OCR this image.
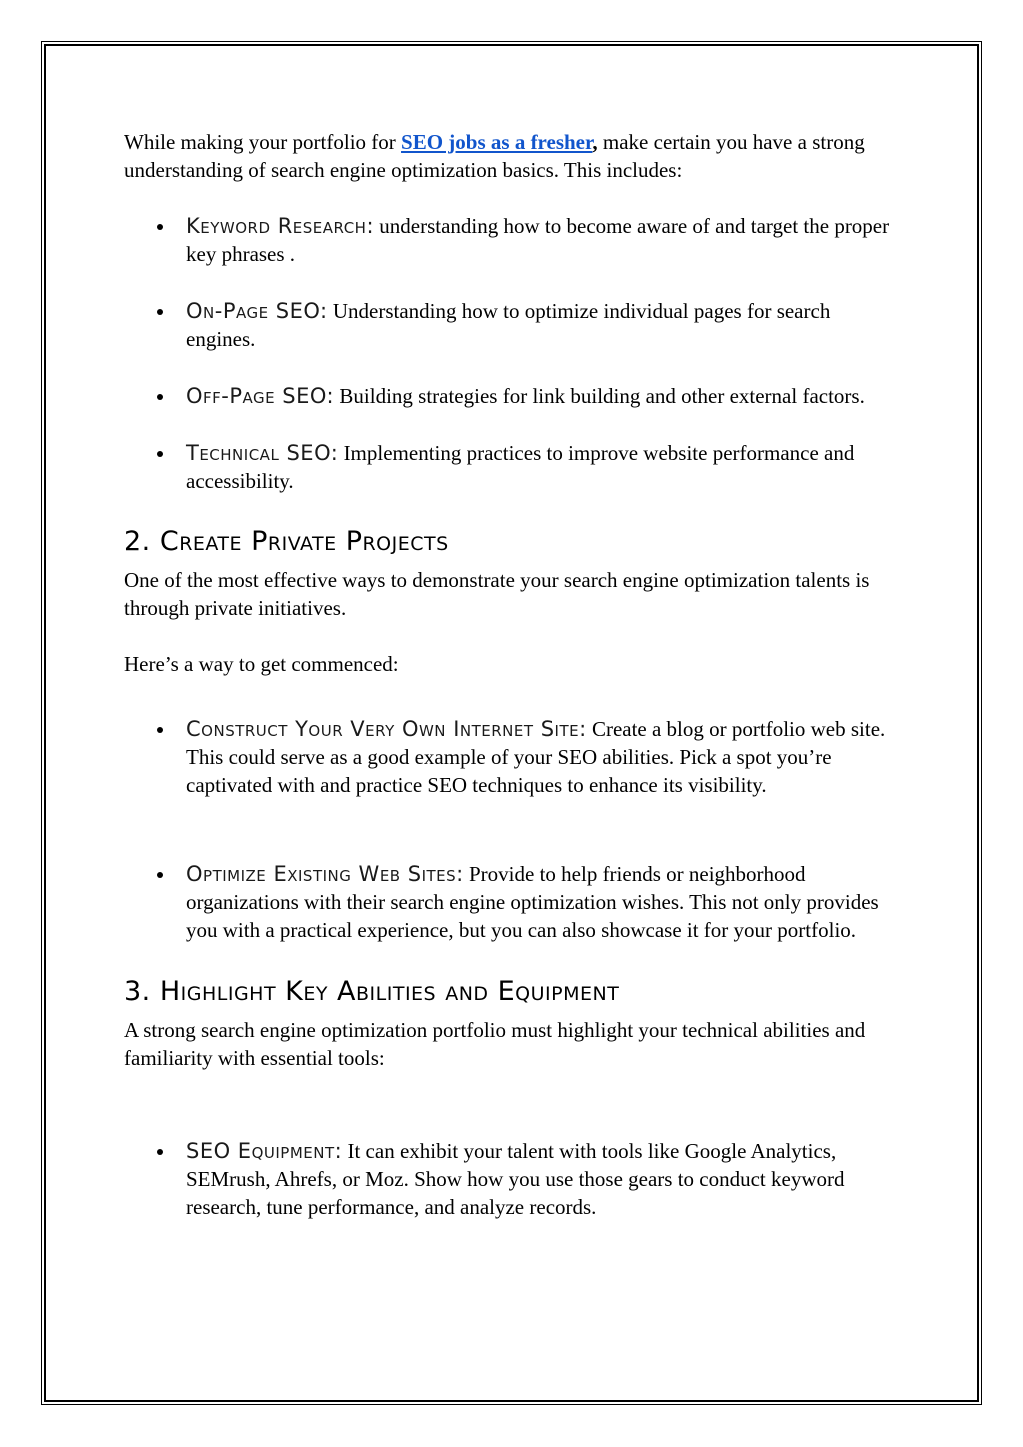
While making your portfolio for SEO jobs as a fresher, make certain you have a strong understanding of search engine optimization basics. This includes:

Keyword Research: understanding how to become aware of and target the proper key phrases .
On-Page SEO: Understanding how to optimize individual pages for search engines.
Off-Page SEO: Building strategies for link building and other external factors.
Technical SEO: Implementing practices to improve website performance and accessibility.
2. Create Private Projects

One of the most effective ways to demonstrate your search engine optimization talents is through private initiatives.

Here’s a way to get commenced:

Construct Your Very Own Internet Site: Create a blog or portfolio web site. This could serve as a good example of your SEO abilities. Pick a spot you’re captivated with and practice SEO techniques to enhance its visibility.
Optimize Existing Web Sites: Provide to help friends or neighborhood organizations with their search engine optimization wishes. This not only provides you with a practical experience, but you can also showcase it for your portfolio.
3. Highlight Key Abilities and Equipment

A strong search engine optimization portfolio must highlight your technical abilities and familiarity with essential tools:

SEO Equipment: It can exhibit your talent with tools like Google Analytics, SEMrush, Ahrefs, or Moz. Show how you use those gears to conduct keyword research, tune performance, and analyze records.
